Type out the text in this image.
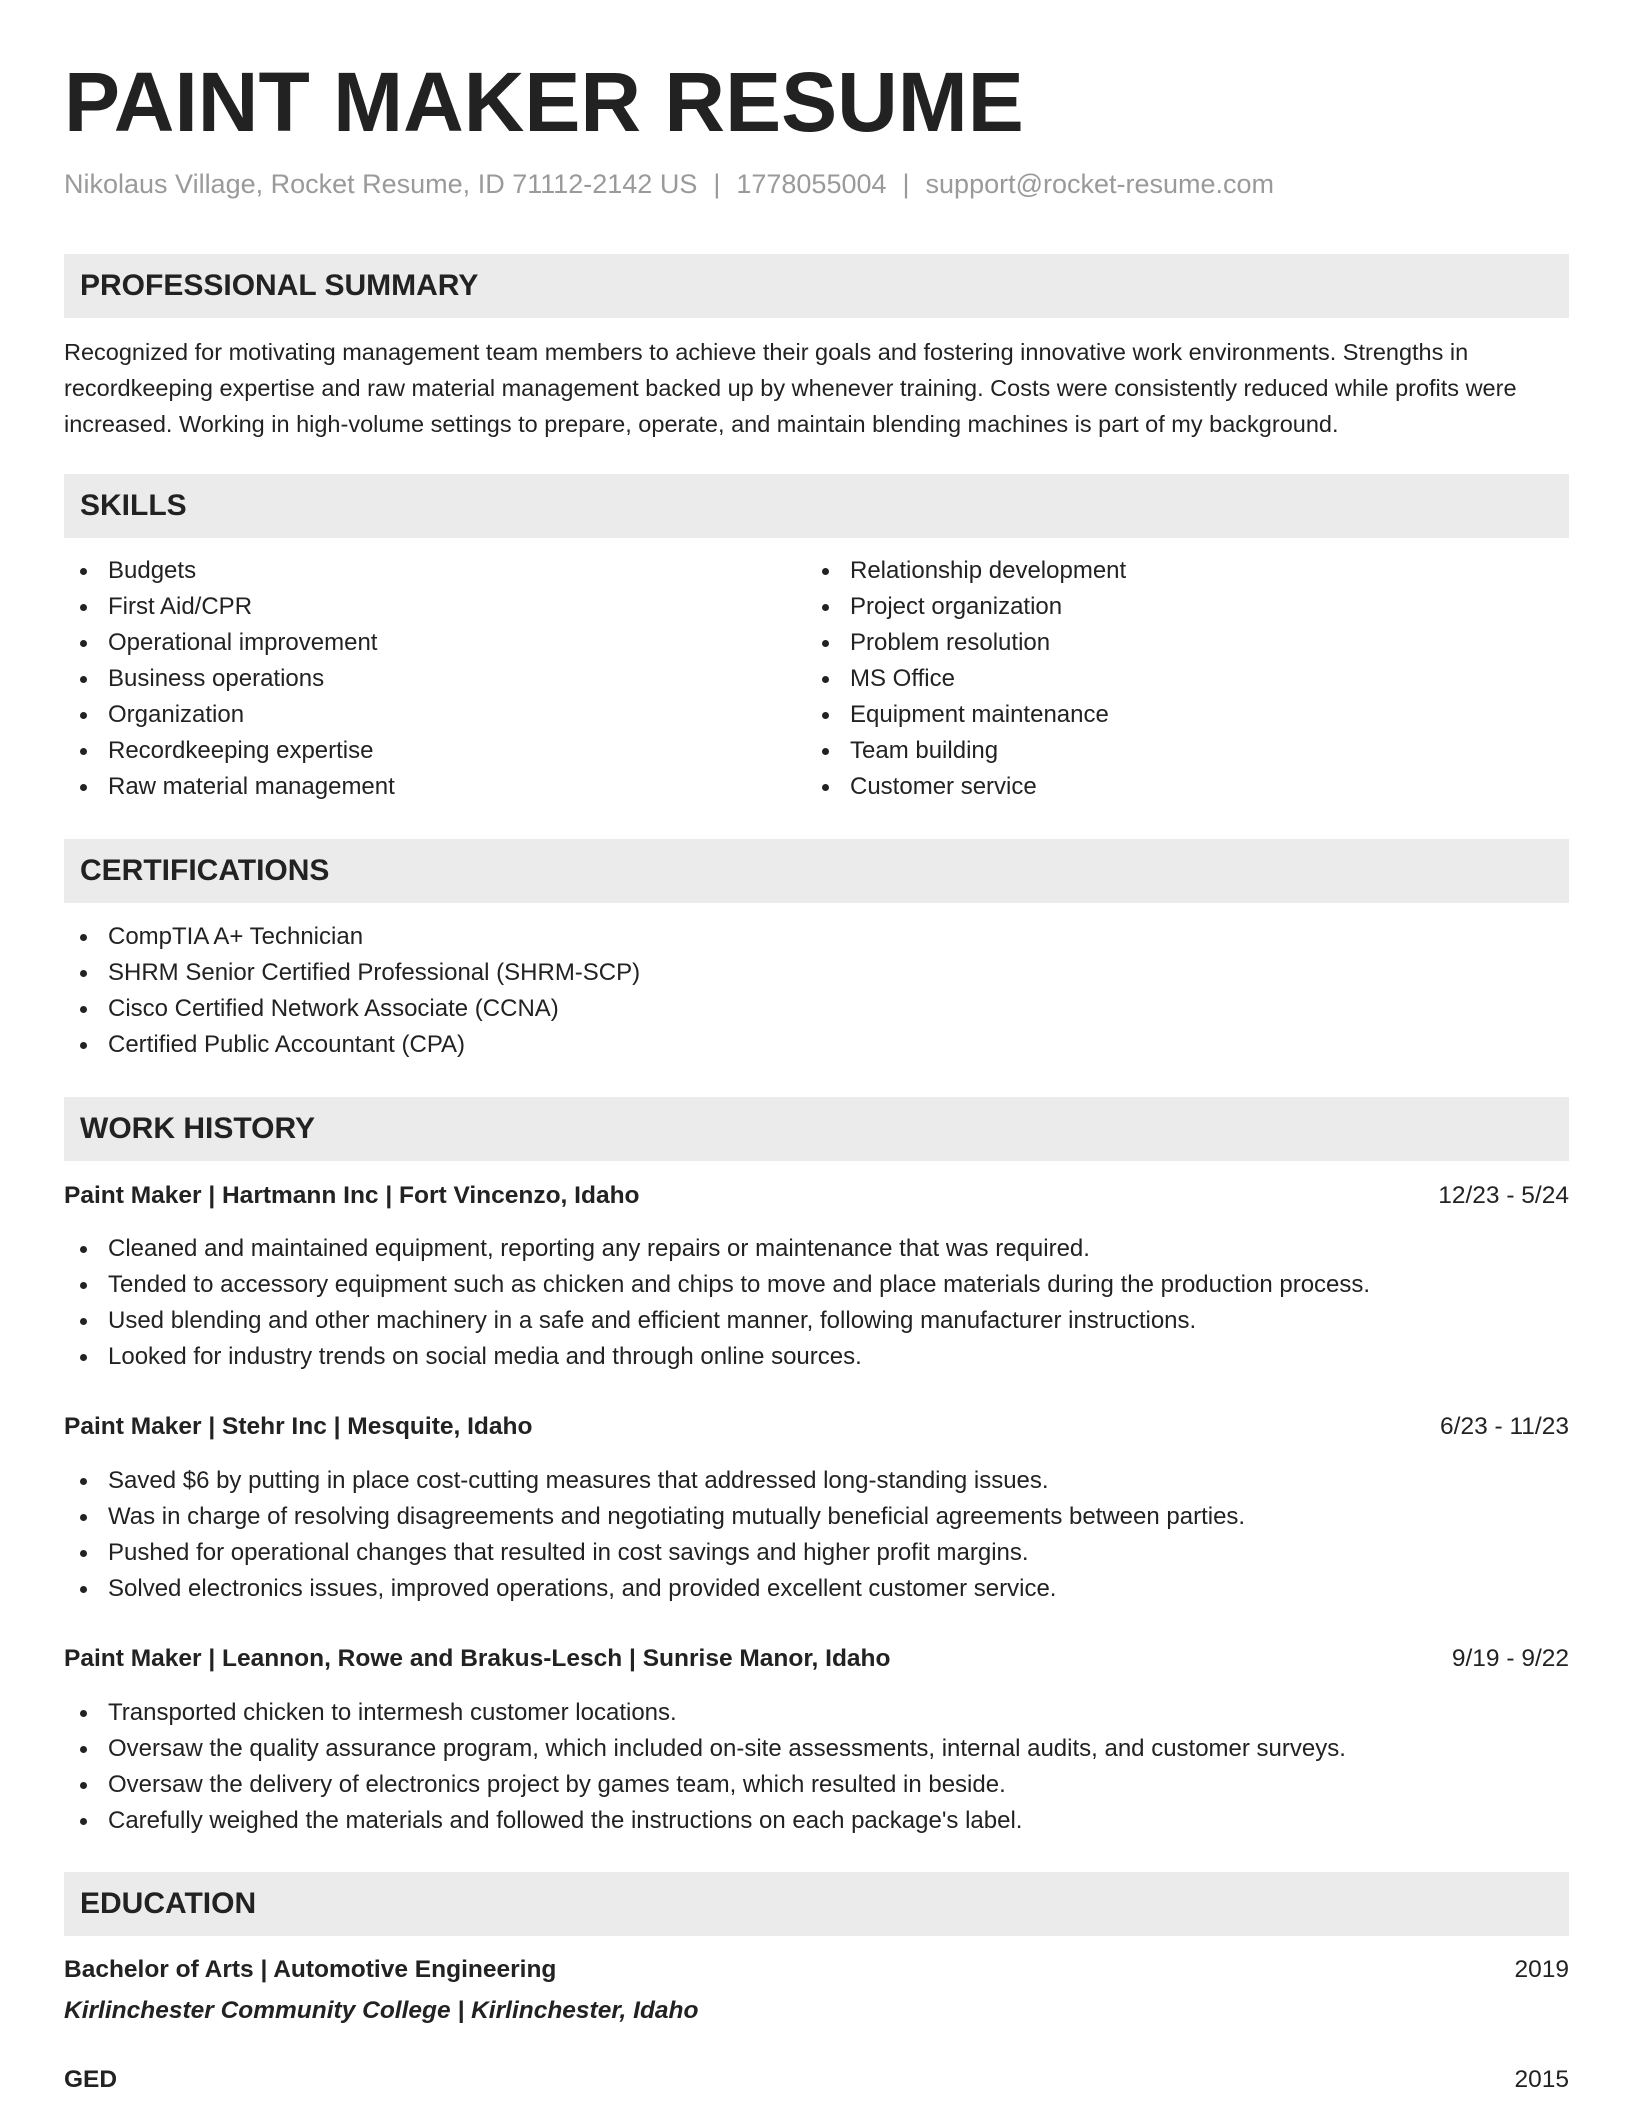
PAINT MAKER RESUME
Nikolaus Village, Rocket Resume, ID 71112-2142 US | 1778055004 | support@rocket-resume.com
PROFESSIONAL SUMMARY
Recognized for motivating management team members to achieve their goals and fostering innovative work environments. Strengths in recordkeeping expertise and raw material management backed up by whenever training. Costs were consistently reduced while profits were increased. Working in high-volume settings to prepare, operate, and maintain blending machines is part of my background.
SKILLS
Budgets
First Aid/CPR
Operational improvement
Business operations
Organization
Recordkeeping expertise
Raw material management
Relationship development
Project organization
Problem resolution
MS Office
Equipment maintenance
Team building
Customer service
CERTIFICATIONS
CompTIA A+ Technician
SHRM Senior Certified Professional (SHRM-SCP)
Cisco Certified Network Associate (CCNA)
Certified Public Accountant (CPA)
WORK HISTORY
Paint Maker | Hartmann Inc | Fort Vincenzo, Idaho	12/23 - 5/24
Cleaned and maintained equipment, reporting any repairs or maintenance that was required.
Tended to accessory equipment such as chicken and chips to move and place materials during the production process.
Used blending and other machinery in a safe and efficient manner, following manufacturer instructions.
Looked for industry trends on social media and through online sources.
Paint Maker | Stehr Inc | Mesquite, Idaho	6/23 - 11/23
Saved $6 by putting in place cost-cutting measures that addressed long-standing issues.
Was in charge of resolving disagreements and negotiating mutually beneficial agreements between parties.
Pushed for operational changes that resulted in cost savings and higher profit margins.
Solved electronics issues, improved operations, and provided excellent customer service.
Paint Maker | Leannon, Rowe and Brakus-Lesch | Sunrise Manor, Idaho	9/19 - 9/22
Transported chicken to intermesh customer locations.
Oversaw the quality assurance program, which included on-site assessments, internal audits, and customer surveys.
Oversaw the delivery of electronics project by games team, which resulted in beside.
Carefully weighed the materials and followed the instructions on each package's label.
EDUCATION
Bachelor of Arts | Automotive Engineering	2019
Kirlinchester Community College | Kirlinchester, Idaho
GED	2015
